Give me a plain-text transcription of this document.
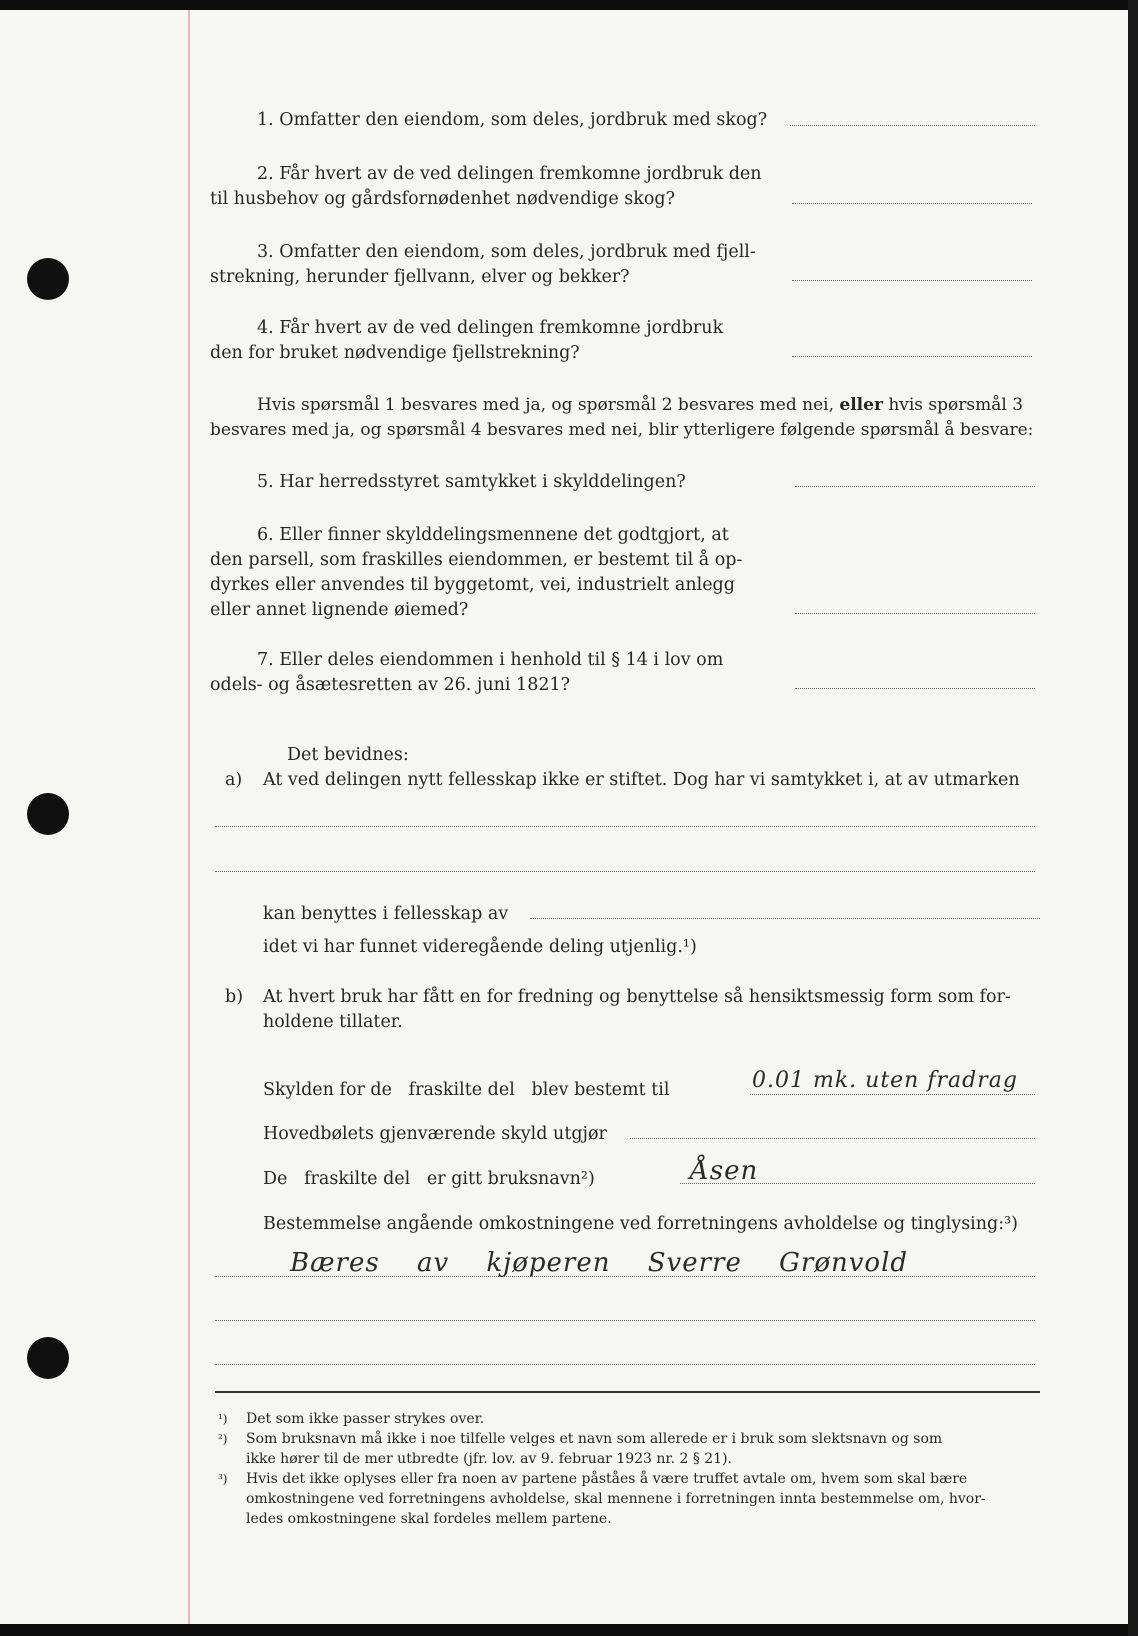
1. Omfatter den eiendom, som deles, jordbruk med skog?
2. Får hvert av de ved delingen fremkomne jordbruk den
til husbehov og gårdsfornødenhet nødvendige skog?
3. Omfatter den eiendom, som deles, jordbruk med fjell-
strekning, herunder fjellvann, elver og bekker?
4. Får hvert av de ved delingen fremkomne jordbruk
den for bruket nødvendige fjellstrekning?
Hvis spørsmål 1 besvares med ja, og spørsmål 2 besvares med nei, eller hvis spørsmål 3
besvares med ja, og spørsmål 4 besvares med nei, blir ytterligere følgende spørsmål å besvare:
5. Har herredsstyret samtykket i skylddelingen?
6. Eller finner skylddelingsmennene det godtgjort, at
den parsell, som fraskilles eiendommen, er bestemt til å op-
dyrkes eller anvendes til byggetomt, vei, industrielt anlegg
eller annet lignende øiemed?
7. Eller deles eiendommen i henhold til § 14 i lov om
odels- og åsætesretten av 26. juni 1821?
Det bevidnes:
a) At ved delingen nytt fellesskap ikke er stiftet. Dog har vi samtykket i, at av utmarken
kan benyttes i fellesskap av
idet vi har funnet videregående deling utjenlig.¹)
b) At hvert bruk har fått en for fredning og benyttelse så hensiktsmessig form som for-
holdene tillater.
Skylden for de   fraskilte del   blev bestemt til	0.01 mk. uten fradrag
Hovedbølets gjenværende skyld utgjør
De   fraskilte del   er gitt bruksnavn²)	Åsen
Bestemmelse angående omkostningene ved forretningens avholdelse og tinglysing:³)
Bæres av kjøperen Sverre Grønvold
¹) Det som ikke passer strykes over.
²) Som bruksnavn må ikke i noe tilfelle velges et navn som allerede er i bruk som slektsnavn og som
ikke hører til de mer utbredte (jfr. lov. av 9. februar 1923 nr. 2 § 21).
³) Hvis det ikke oplyses eller fra noen av partene påståes å være truffet avtale om, hvem som skal bære
omkostningene ved forretningens avholdelse, skal mennene i forretningen innta bestemmelse om, hvor-
ledes omkostningene skal fordeles mellem partene.
